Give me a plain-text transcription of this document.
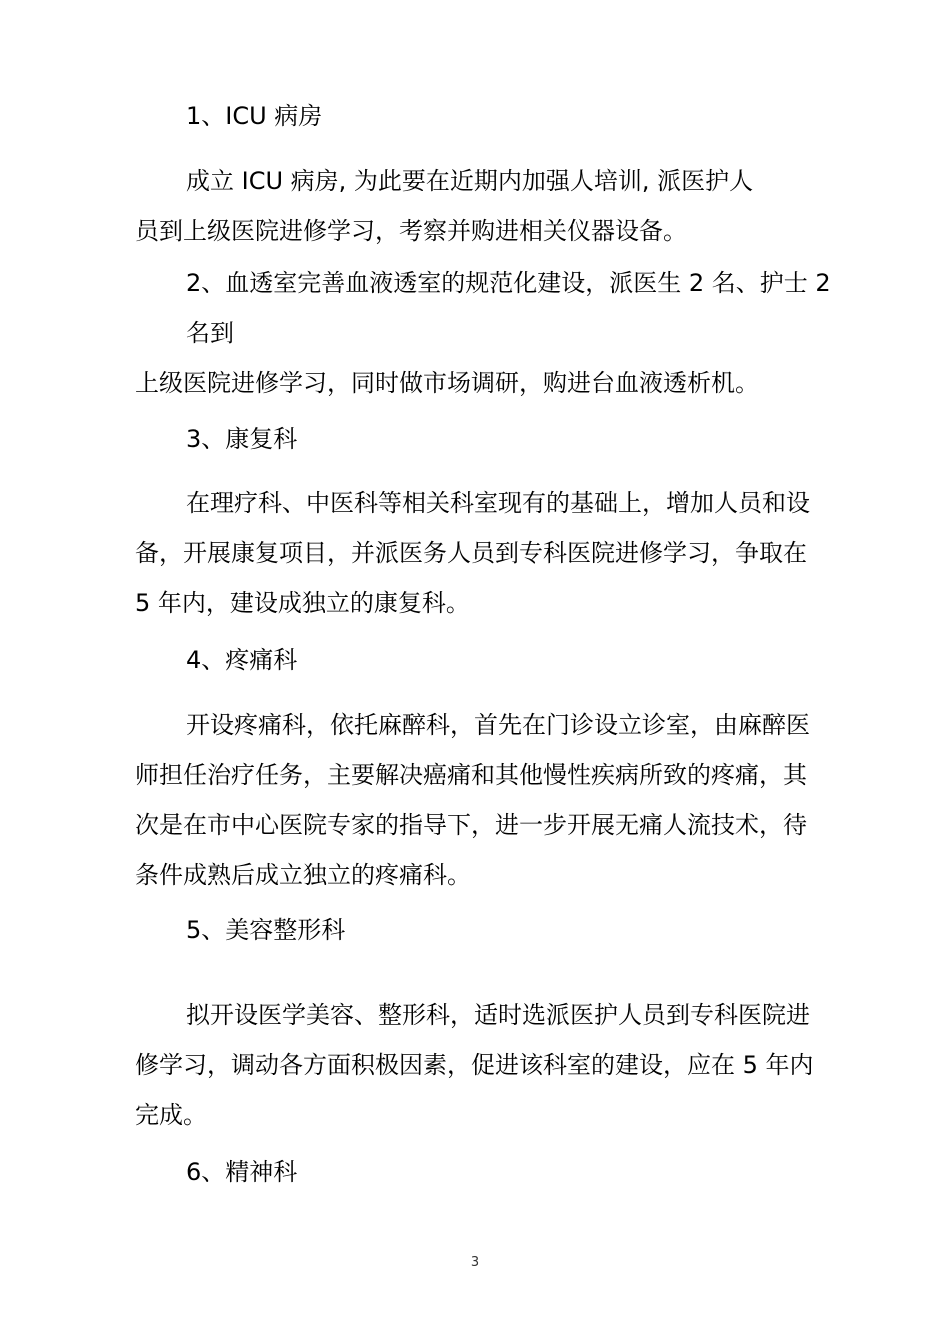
1、ICU 病房
成立 ICU 病房, 为此要在近期内加强人培训, 派医护人
员到上级医院进修学习，考察并购进相关仪器设备。
2、血透室完善血液透室的规范化建设，派医生 2 名、护士 2
名到
上级医院进修学习，同时做市场调研，购进台血液透析机。
3、康复科
在理疗科、中医科等相关科室现有的基础上，增加人员和设
备，开展康复项目，并派医务人员到专科医院进修学习，争取在
5 年内，建设成独立的康复科。
4、疼痛科
开设疼痛科，依托麻醉科，首先在门诊设立诊室，由麻醉医
师担任治疗任务，主要解决癌痛和其他慢性疾病所致的疼痛，其
次是在市中心医院专家的指导下，进一步开展无痛人流技术，待
条件成熟后成立独立的疼痛科。
5、美容整形科
拟开设医学美容、整形科，适时选派医护人员到专科医院进
修学习，调动各方面积极因素，促进该科室的建设，应在 5 年内
完成。
6、精神科
3
